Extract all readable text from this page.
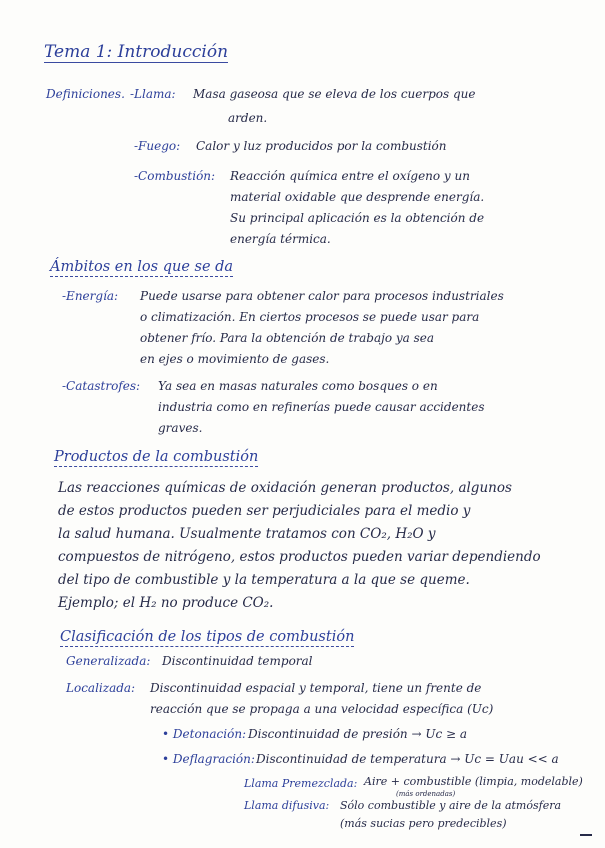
Tema 1: Introducción
Definiciones. -Llama: Masa gaseosa que se eleva de los cuerpos que
arden.
-Fuego: Calor y luz producidos por la combustión
-Combustión: Reacción química entre el oxígeno y un
material oxidable que desprende energía.
Su principal aplicación es la obtención de
energía térmica.
Ámbitos en los que se da
-Energía: Puede usarse para obtener calor para procesos industriales
o climatización. En ciertos procesos se puede usar para
obtener frío. Para la obtención de trabajo ya sea
en ejes o movimiento de gases.
-Catastrofes: Ya sea en masas naturales como bosques o en
industria como en refinerías puede causar accidentes
graves.
Productos de la combustión
Las reacciones químicas de oxidación generan productos, algunos
de estos productos pueden ser perjudiciales para el medio y
la salud humana. Usualmente tratamos con CO₂, H₂O y
compuestos de nitrógeno, estos productos pueden variar dependiendo
del tipo de combustible y la temperatura a la que se queme.
Ejemplo; el H₂ no produce CO₂.
Clasificación de los tipos de combustión
Generalizada: Discontinuidad temporal
Localizada: Discontinuidad espacial y temporal, tiene un frente de
reacción que se propaga a una velocidad específica (Uc)
• Detonación: Discontinuidad de presión → Uc ≥ a
• Deflagración: Discontinuidad de temperatura → Uc = Uau << a
Llama Premezclada: Aire + combustible (limpia, modelable)
(más ordenadas)
Llama difusiva: Sólo combustible y aire de la atmósfera
(más sucias pero predecibles)
